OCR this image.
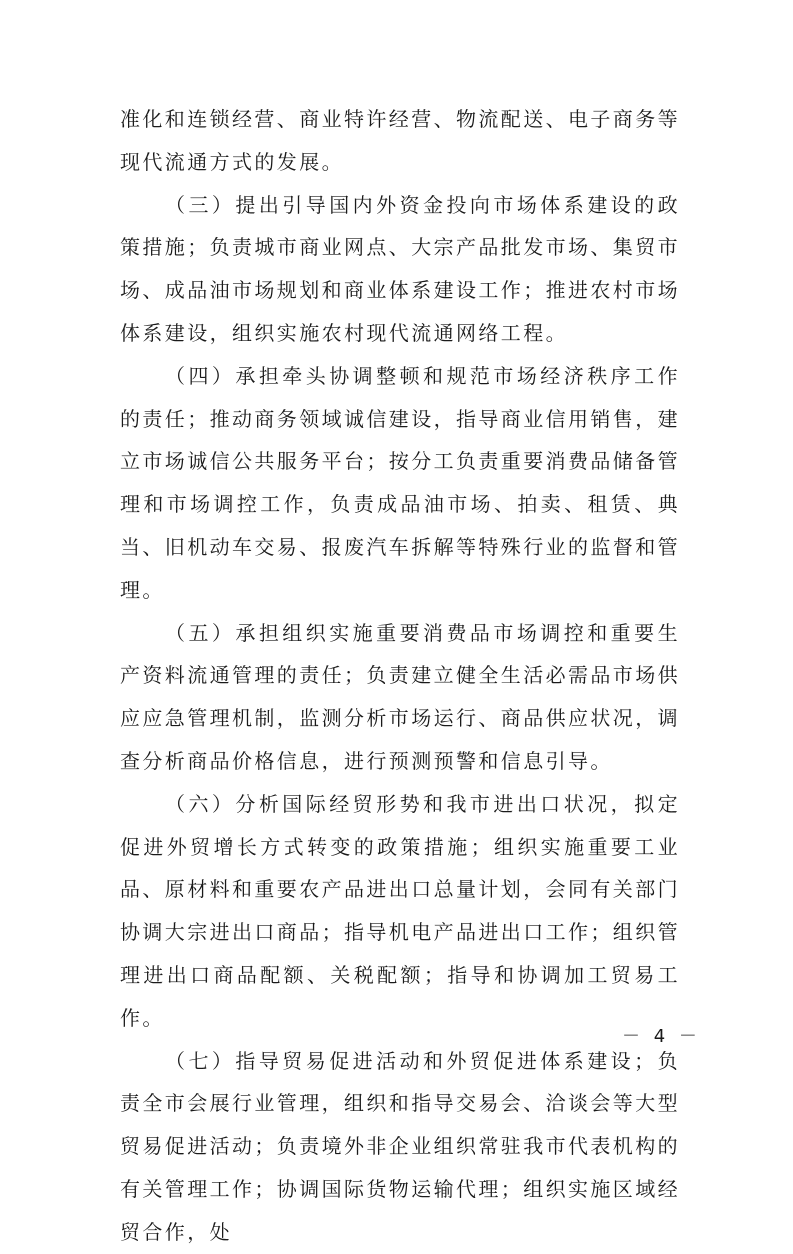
准化和连锁经营、商业特许经营、物流配送、电子商务等现代流通方式的发展。

（三）提出引导国内外资金投向市场体系建设的政策措施；负责城市商业网点、大宗产品批发市场、集贸市场、成品油市场规划和商业体系建设工作；推进农村市场体系建设，组织实施农村现代流通网络工程。

（四）承担牵头协调整顿和规范市场经济秩序工作的责任；推动商务领域诚信建设，指导商业信用销售，建立市场诚信公共服务平台；按分工负责重要消费品储备管理和市场调控工作，负责成品油市场、拍卖、租赁、典当、旧机动车交易、报废汽车拆解等特殊行业的监督和管理。

（五）承担组织实施重要消费品市场调控和重要生产资料流通管理的责任；负责建立健全生活必需品市场供应应急管理机制，监测分析市场运行、商品供应状况，调查分析商品价格信息，进行预测预警和信息引导。

（六）分析国际经贸形势和我市进出口状况，拟定促进外贸增长方式转变的政策措施；组织实施重要工业品、原材料和重要农产品进出口总量计划，会同有关部门协调大宗进出口商品；指导机电产品进出口工作；组织管理进出口商品配额、关税配额；指导和协调加工贸易工作。

（七）指导贸易促进活动和外贸促进体系建设；负责全市会展行业管理，组织和指导交易会、洽谈会等大型贸易促进活动；负责境外非企业组织常驻我市代表机构的有关管理工作；协调国际货物运输代理；组织实施区域经贸合作，处

－ 4 －
